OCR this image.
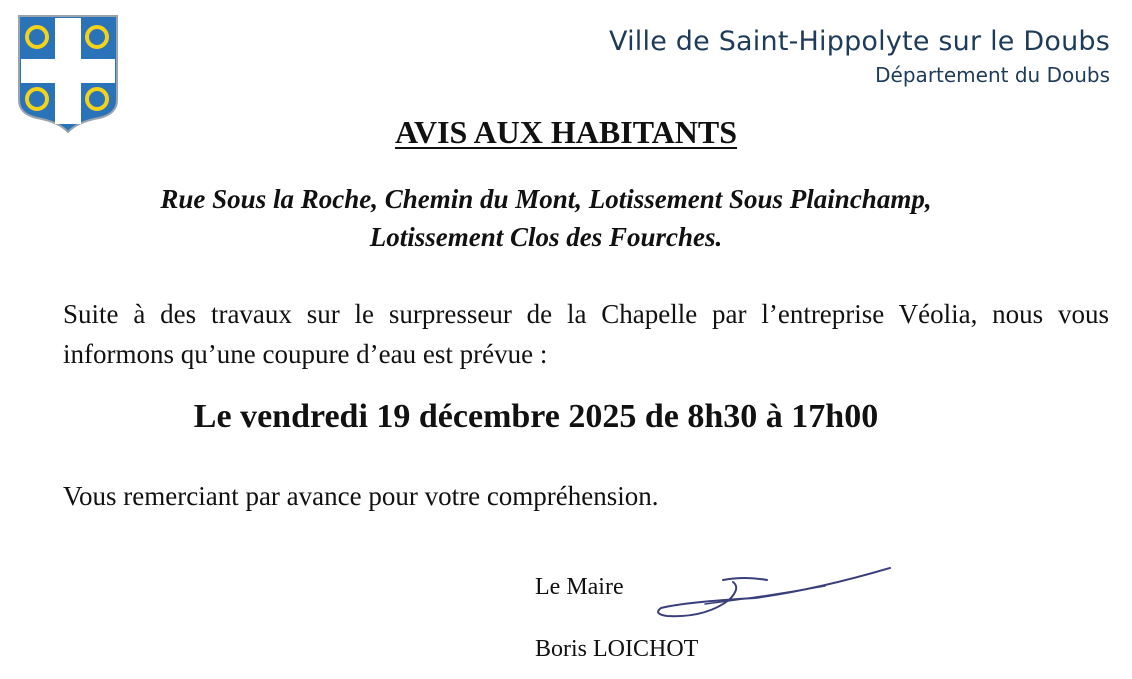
Ville de Saint-Hippolyte sur le Doubs
Département du Doubs
AVIS AUX HABITANTS
Rue Sous la Roche, Chemin du Mont, Lotissement Sous Plainchamp,
Lotissement Clos des Fourches.
Suite à des travaux sur le surpresseur de la Chapelle par l’entreprise Véolia, nous vous informons qu’une coupure d’eau est prévue :
Le vendredi 19 décembre 2025 de 8h30 à 17h00
Vous remerciant par avance pour votre compréhension.
Le Maire
Boris LOICHOT
